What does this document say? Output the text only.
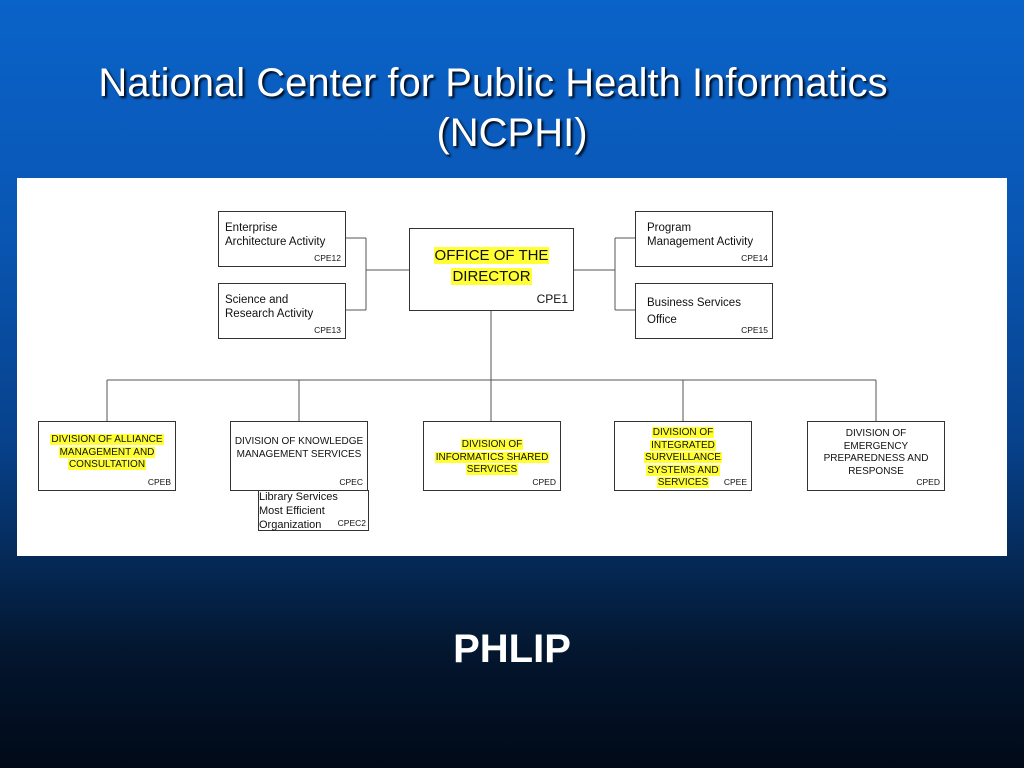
National Center for Public Health Informatics
(NCPHI)
Enterprise
Architecture Activity
CPE12
Science and
Research Activity
CPE13
OFFICE OF THE DIRECTOR
CPE1
Program
Management Activity
CPE14
Business Services
Office
CPE15
DIVISION OF ALLIANCE MANAGEMENT AND CONSULTATION
CPEB
DIVISION OF KNOWLEDGE MANAGEMENT SERVICES
CPEC
DIVISION OF INFORMATICS SHARED SERVICES
CPED
DIVISION OF INTEGRATED SURVEILLANCE SYSTEMS AND SERVICES	CPEE
DIVISION OF EMERGENCY PREPAREDNESS AND RESPONSE
CPED
Library Services
Most Efficient
Organization	CPEC2
PHLIP
